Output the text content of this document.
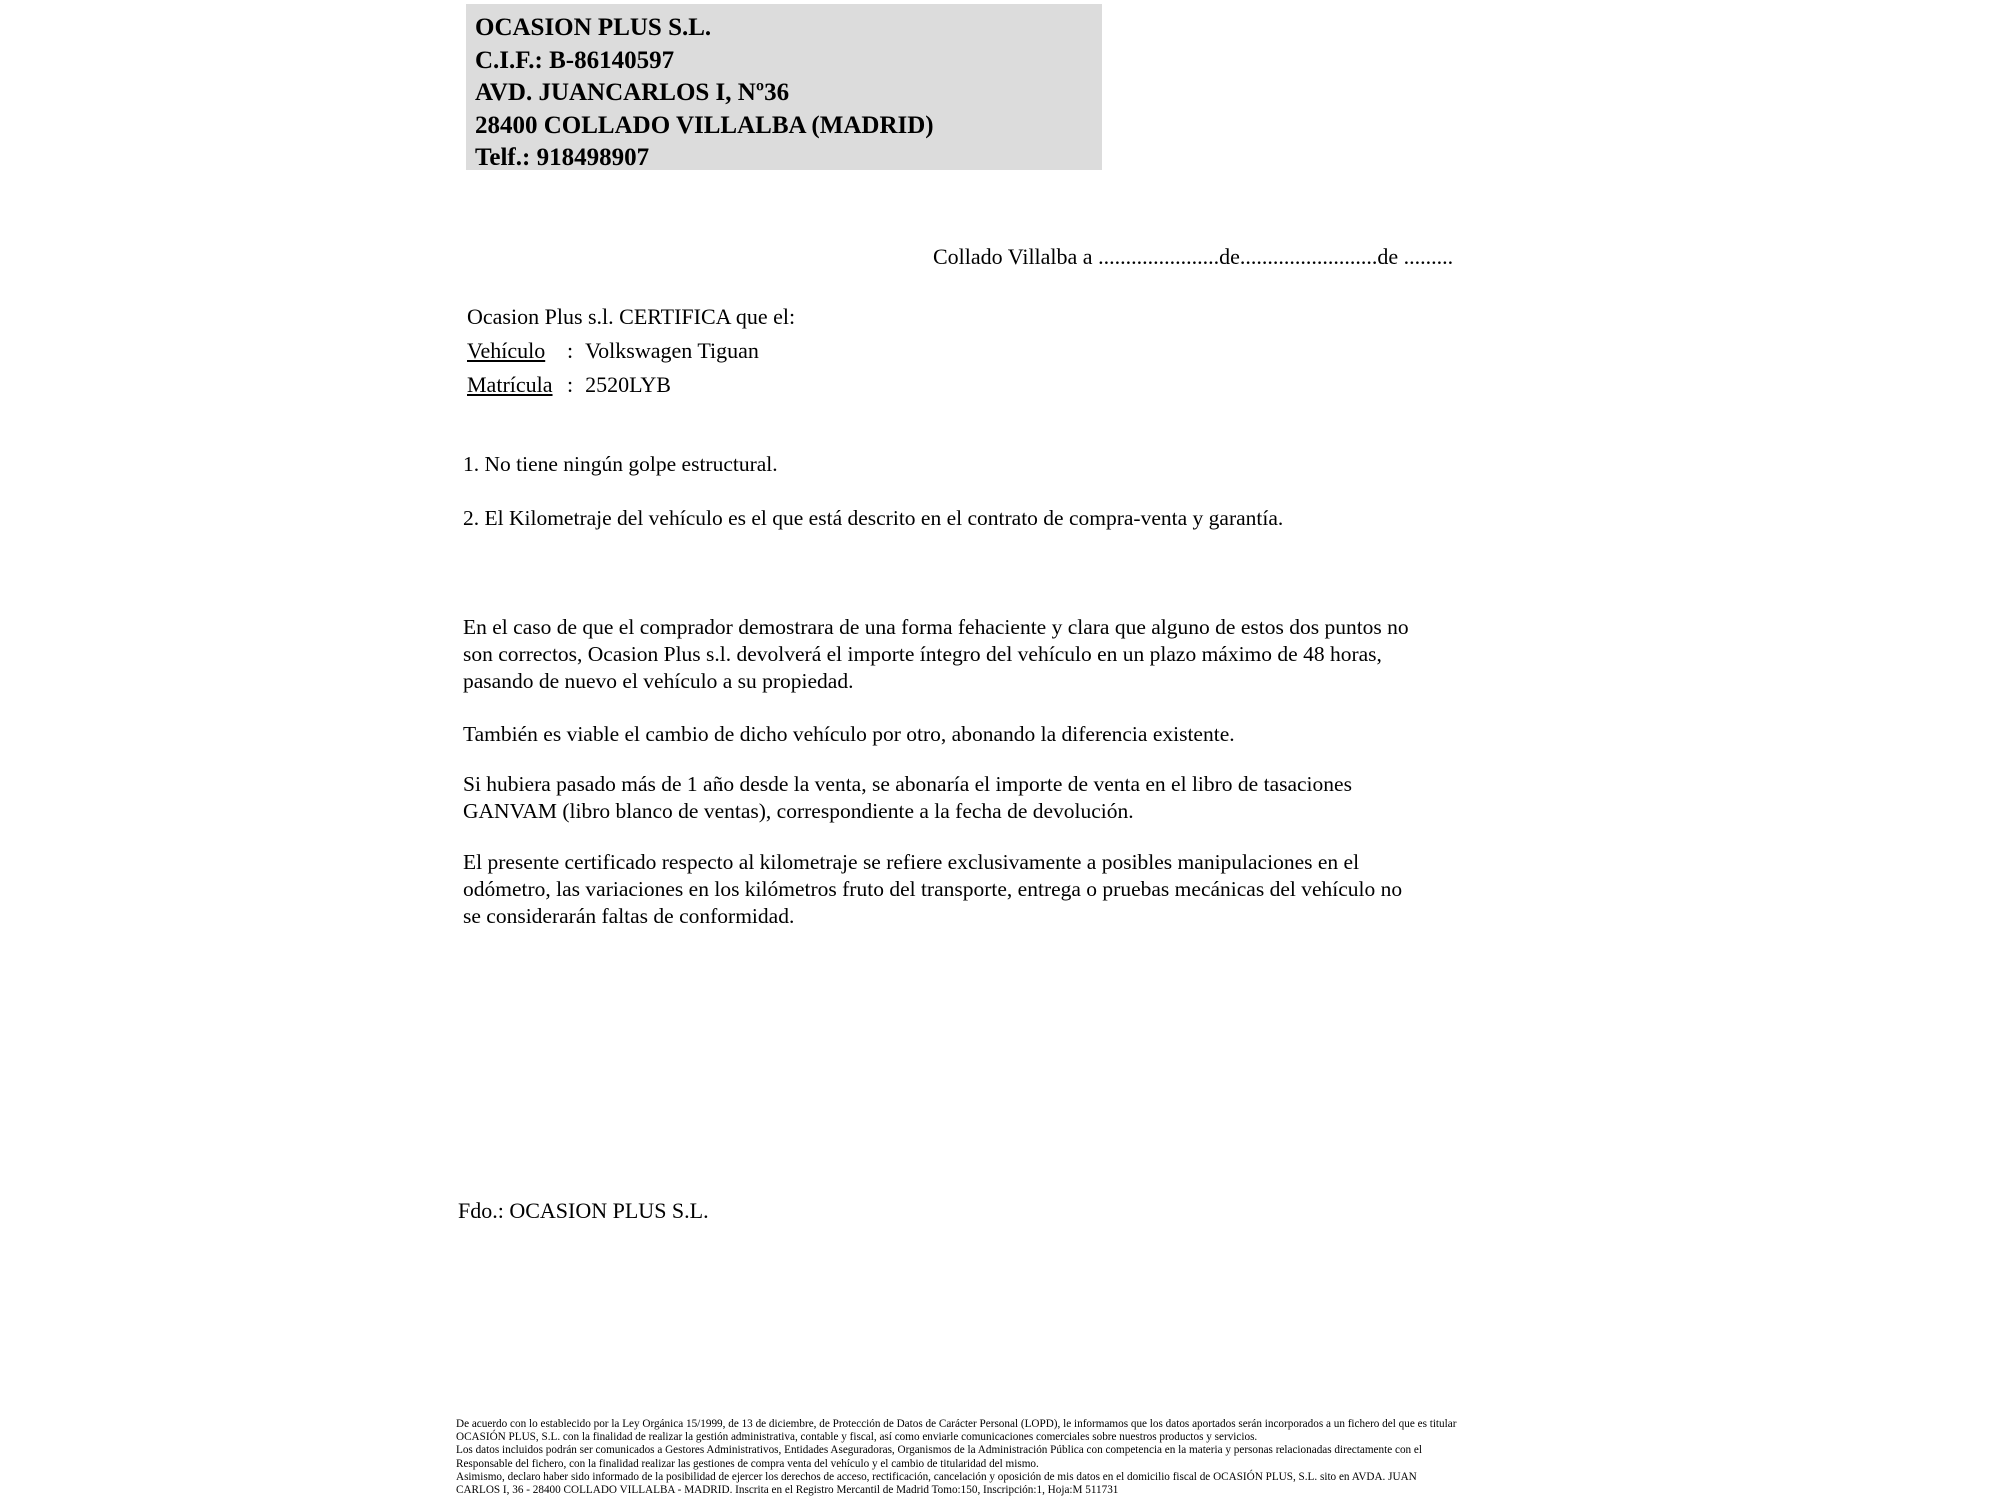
OCASION PLUS S.L.
C.I.F.: B-86140597
AVD. JUANCARLOS I, Nº36
28400 COLLADO VILLALBA (MADRID)
Telf.: 918498907
Collado Villalba a ......................de.........................de .........
Ocasion Plus s.l. CERTIFICA que el:
Vehículo : Volkswagen Tiguan
Matrícula : 2520LYB
1. No tiene ningún golpe estructural.
2. El Kilometraje del vehículo es el que está descrito en el contrato de compra-venta y garantía.
En el caso de que el comprador demostrara de una forma fehaciente y clara que alguno de estos dos puntos no
son correctos, Ocasion Plus s.l. devolverá el importe íntegro del vehículo en un plazo máximo de 48 horas,
pasando de nuevo el vehículo a su propiedad.
También es viable el cambio de dicho vehículo por otro, abonando la diferencia existente.
Si hubiera pasado más de 1 año desde la venta, se abonaría el importe de venta en el libro de tasaciones
GANVAM (libro blanco de ventas), correspondiente a la fecha de devolución.
El presente certificado respecto al kilometraje se refiere exclusivamente a posibles manipulaciones en el
odómetro, las variaciones en los kilómetros fruto del transporte, entrega o pruebas mecánicas del vehículo no
se considerarán faltas de conformidad.
Fdo.: OCASION PLUS S.L.
De acuerdo con lo establecido por la Ley Orgánica 15/1999, de 13 de diciembre, de Protección de Datos de Carácter Personal (LOPD), le informamos que los datos aportados serán incorporados a un fichero del que es titular
OCASIÓN PLUS, S.L. con la finalidad de realizar la gestión administrativa, contable y fiscal, así como enviarle comunicaciones comerciales sobre nuestros productos y servicios.
Los datos incluidos podrán ser comunicados a Gestores Administrativos, Entidades Aseguradoras, Organismos de la Administración Pública con competencia en la materia y personas relacionadas directamente con el
Responsable del fichero, con la finalidad realizar las gestiones de compra venta del vehículo y el cambio de titularidad del mismo.
Asimismo, declaro haber sido informado de la posibilidad de ejercer los derechos de acceso, rectificación, cancelación y oposición de mis datos en el domicilio fiscal de OCASIÓN PLUS, S.L. sito en AVDA. JUAN
CARLOS I, 36 - 28400 COLLADO VILLALBA - MADRID. Inscrita en el Registro Mercantil de Madrid Tomo:150, Inscripción:1, Hoja:M 511731
